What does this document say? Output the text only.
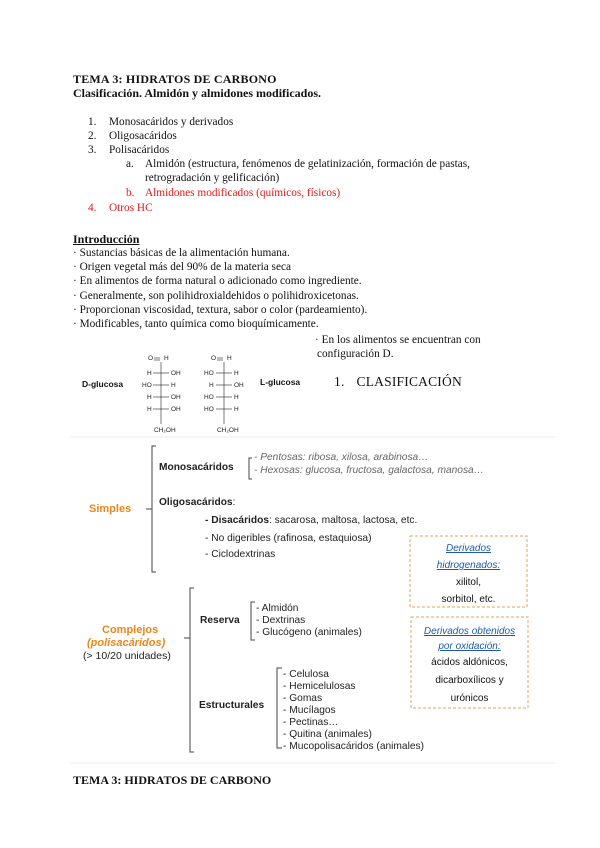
TEMA 3: HIDRATOS DE CARBONO
Clasificación. Almidón y almidones modificados.
1. Monosacáridos y derivados
2. Oligosacáridos
3. Polisacáridos
a. Almidón (estructura, fenómenos de gelatinización, formación de pastas,
retrogradación y gelificación)
b. Almidones modificados (químicos, físicos)
4. Otros HC
Introducción
· Sustancias básicas de la alimentación humana.
· Origen vegetal más del 90% de la materia seca
· En alimentos de forma natural o adicionado como ingrediente.
· Generalmente, son polihidroxialdehidos o polihidroxicetonas.
· Proporcionan viscosidad, textura, sabor o color (pardeamiento).
· Modificables, tanto química como bioquímicamente.
· En los alimentos se encuentran con
configuración D.
D-glucosa	L-glucosa
O H
H	OH
HO	H
H	OH
H	OH
CH₂OH
O H
HO	H
H	OH
HO	H
HO	H
CH₂OH
1. CLASIFICACIÓN
Simples
Monosacáridos
- Pentosas: ribosa, xilosa, arabinosa…
- Hexosas: glucosa, fructosa, galactosa, manosa…
Oligosacáridos:
- Disacáridos: sacarosa, maltosa, lactosa, etc.
- No digeribles (rafinosa, estaquiosa)
- Ciclodextrinas
Derivados
hidrogenados:
xilitol,
sorbitol, etc.
Complejos
(polisacáridos)
(> 10/20 unidades)
Reserva
- Almidón
- Dextrinas
- Glucógeno (animales)	Derivados obtenidos
por oxidación:
ácidos aldónicos,
dicarboxílicos y
urónicos
Estructurales
- Celulosa
- Hemicelulosas
- Gomas
- Mucílagos
- Pectinas…
- Quitina (animales)
- Mucopolisacáridos (animales)
TEMA 3: HIDRATOS DE CARBONO
